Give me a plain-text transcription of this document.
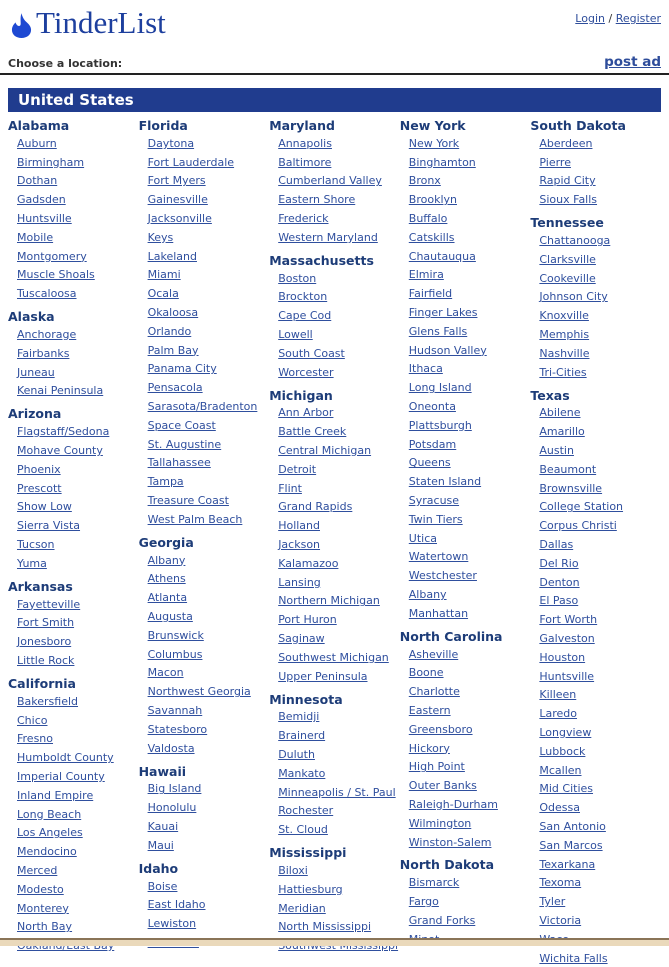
TinderList	Login / Register
Choose a location:	post ad
United States
Alabama
Auburn
Birmingham
Dothan
Gadsden
Huntsville
Mobile
Montgomery
Muscle Shoals
Tuscaloosa
Alaska
Anchorage
Fairbanks
Juneau
Kenai Peninsula
Arizona
Flagstaff/Sedona
Mohave County
Phoenix
Prescott
Show Low
Sierra Vista
Tucson
Yuma
Arkansas
Fayetteville
Fort Smith
Jonesboro
Little Rock
California
Bakersfield
Chico
Fresno
Humboldt County
Imperial County
Inland Empire
Long Beach
Los Angeles
Mendocino
Merced
Modesto
Monterey
North Bay
Florida
Daytona
Fort Lauderdale
Fort Myers
Gainesville
Jacksonville
Keys
Lakeland
Miami
Ocala
Okaloosa
Orlando
Palm Bay
Panama City
Pensacola
Sarasota/Bradenton
Space Coast
St. Augustine
Tallahassee
Tampa
Treasure Coast
West Palm Beach
Georgia
Albany
Athens
Atlanta
Augusta
Brunswick
Columbus
Macon
Northwest Georgia
Savannah
Statesboro
Valdosta
Hawaii
Big Island
Honolulu
Kauai
Maui
Idaho
Boise
East Idaho
Lewiston
Maryland
Annapolis
Baltimore
Cumberland Valley
Eastern Shore
Frederick
Western Maryland
Massachusetts
Boston
Brockton
Cape Cod
Lowell
South Coast
Worcester
Michigan
Ann Arbor
Battle Creek
Central Michigan
Detroit
Flint
Grand Rapids
Holland
Jackson
Kalamazoo
Lansing
Northern Michigan
Port Huron
Saginaw
Southwest Michigan
Upper Peninsula
Minnesota
Bemidji
Brainerd
Duluth
Mankato
Minneapolis / St. Paul
Rochester
St. Cloud
Mississippi
Biloxi
Hattiesburg
Meridian
North Mississippi
New York
New York
Binghamton
Bronx
Brooklyn
Buffalo
Catskills
Chautauqua
Elmira
Fairfield
Finger Lakes
Glens Falls
Hudson Valley
Ithaca
Long Island
Oneonta
Plattsburgh
Potsdam
Queens
Staten Island
Syracuse
Twin Tiers
Utica
Watertown
Westchester
Albany
Manhattan
North Carolina
Asheville
Boone
Charlotte
Eastern
Greensboro
Hickory
High Point
Outer Banks
Raleigh-Durham
Wilmington
Winston-Salem
North Dakota
Bismarck
Fargo
Grand Forks
South Dakota
Aberdeen
Pierre
Rapid City
Sioux Falls
Tennessee
Chattanooga
Clarksville
Cookeville
Johnson City
Knoxville
Memphis
Nashville
Tri-Cities
Texas
Abilene
Amarillo
Austin
Beaumont
Brownsville
College Station
Corpus Christi
Dallas
Del Rio
Denton
El Paso
Fort Worth
Galveston
Houston
Huntsville
Killeen
Laredo
Longview
Lubbock
Mcallen
Mid Cities
Odessa
San Antonio
San Marcos
Texarkana
Texoma
Tyler
Victoria
Wichita Falls
